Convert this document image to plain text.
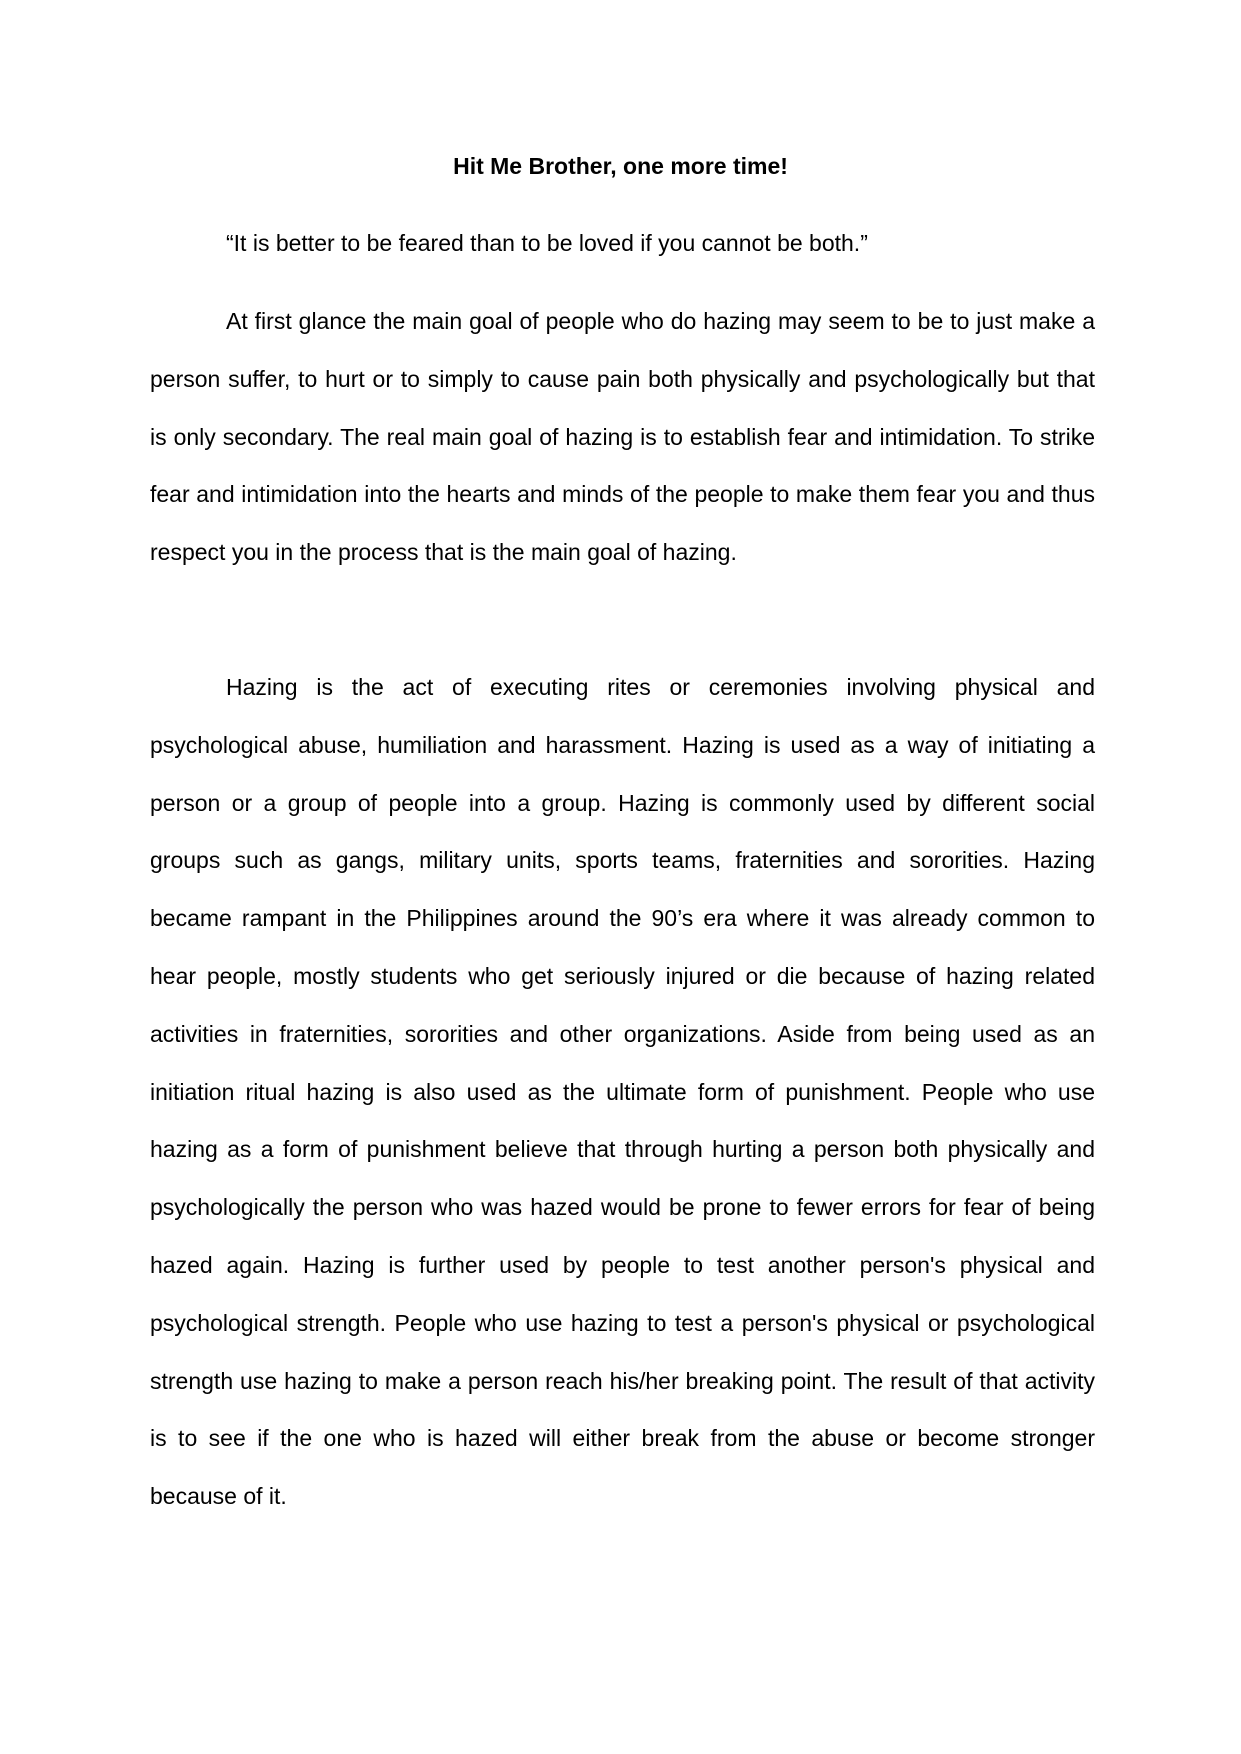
Hit Me Brother, one more time!
“It is better to be feared than to be loved if you cannot be both.”

At first glance the main goal of people who do hazing may seem to be to just make a person suffer, to hurt or to simply to cause pain both physically and psychologically but that is only secondary. The real main goal of hazing is to establish fear and intimidation. To strike fear and intimidation into the hearts and minds of the people to make them fear you and thus respect you in the process that is the main goal of hazing.

Hazing is the act of executing rites or ceremonies involving physical and psychological abuse, humiliation and harassment. Hazing is used as a way of initiating a person or a group of people into a group. Hazing is commonly used by different social groups such as gangs, military units, sports teams, fraternities and sororities. Hazing became rampant in the Philippines around the 90’s era where it was already common to hear people, mostly students who get seriously injured or die because of hazing related activities in fraternities, sororities and other organizations. Aside from being used as an initiation ritual hazing is also used as the ultimate form of punishment. People who use hazing as a form of punishment believe that through hurting a person both physically and psychologically the person who was hazed would be prone to fewer errors for fear of being hazed again. Hazing is further used by people to test another person's physical and psychological strength. People who use hazing to test a person's physical or psychological strength use hazing to make a person reach his/her breaking point. The result of that activity is to see if the one who is hazed will either break from the abuse or become stronger because of it.
